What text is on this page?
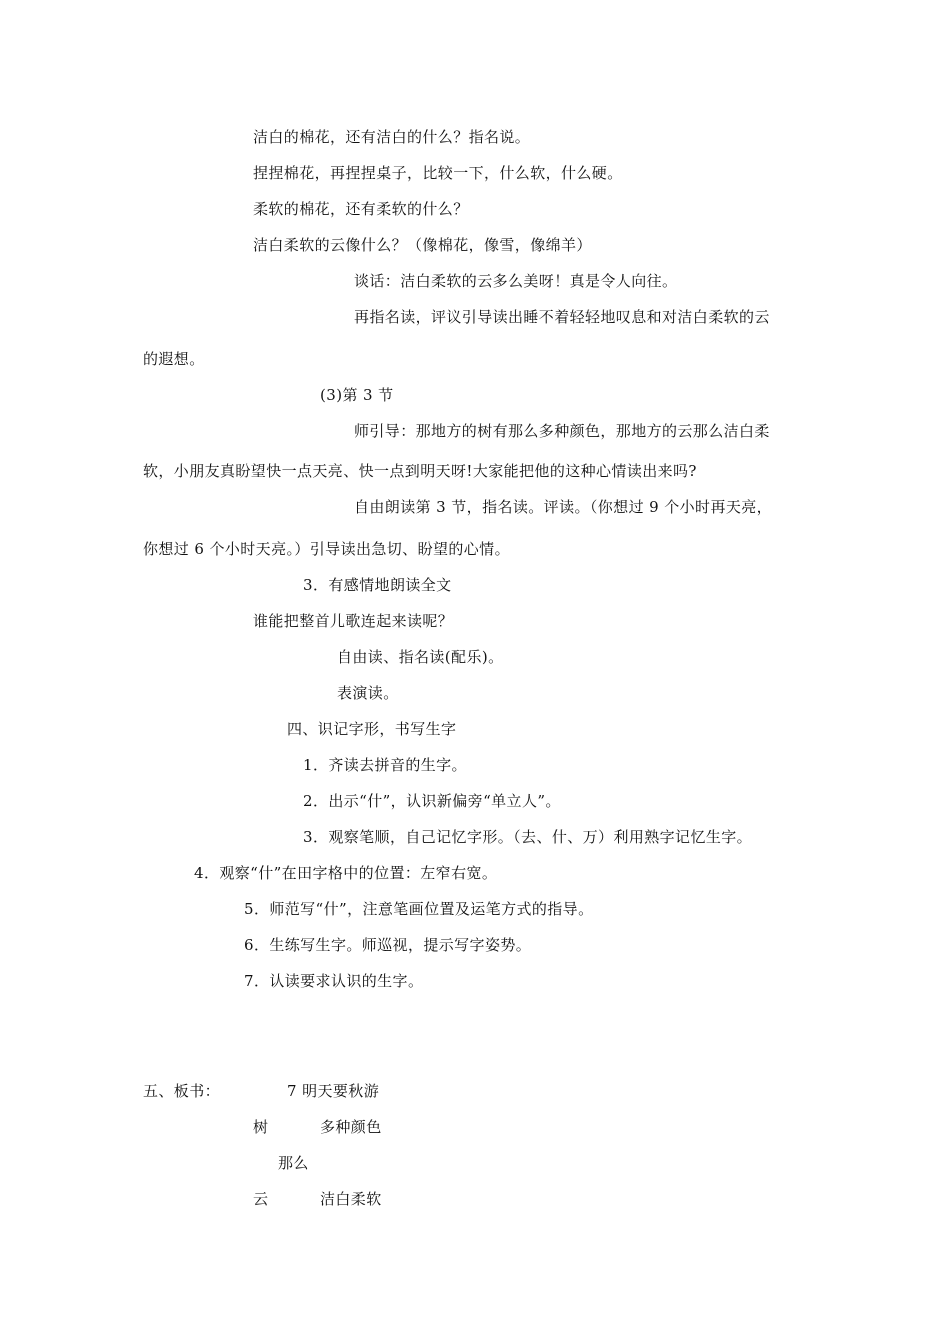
洁白的棉花，还有洁白的什么？指名说。
捏捏棉花，再捏捏桌子，比较一下，什么软，什么硬。
柔软的棉花，还有柔软的什么？
洁白柔软的云像什么？（像棉花，像雪，像绵羊）
谈话：洁白柔软的云多么美呀！真是令人向往。
再指名读，评议引导读出睡不着轻轻地叹息和对洁白柔软的云
的遐想。
(3)第 3 节
师引导：那地方的树有那么多种颜色，那地方的云那么洁白柔
软，小朋友真盼望快一点天亮、快一点到明天呀!大家能把他的这种心情读出来吗?
自由朗读第 3 节，指名读。评读。（你想过 9 个小时再天亮，
你想过 6 个小时天亮。）引导读出急切、盼望的心情。
3．有感情地朗读全文
谁能把整首儿歌连起来读呢？
自由读、指名读(配乐)。
表演读。
四、识记字形，书写生字
1．齐读去拼音的生字。
2．出示“什”，认识新偏旁“单立人”。
3．观察笔顺，自己记忆字形。（去、什、万）利用熟字记忆生字。
4．观察“什”在田字格中的位置：左窄右宽。
5．师范写“什”，注意笔画位置及运笔方式的指导。
6．生练写生字。师巡视，提示写字姿势。
7．认读要求认识的生字。
五、板书：	7 明天要秋游
树	多种颜色
那么
云	洁白柔软
